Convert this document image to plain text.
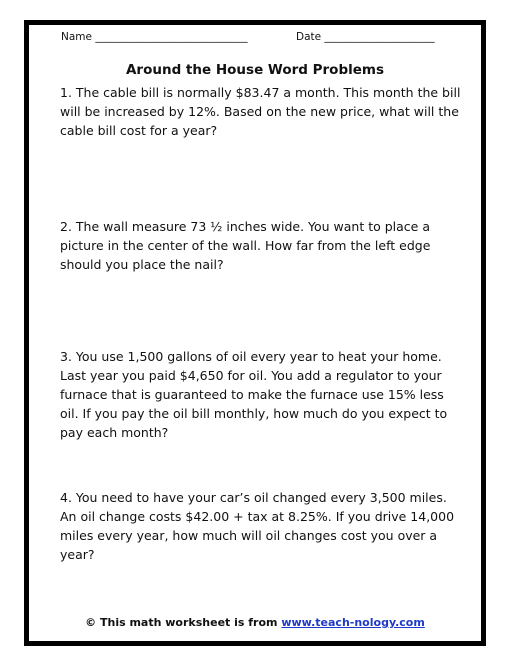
Name _____________________________	Date _____________________
Around the House Word Problems
1. The cable bill is normally $83.47 a month. This month the bill will be increased by 12%. Based on the new price, what will the cable bill cost for a year?
2. The wall measure 73 ½ inches wide. You want to place a picture in the center of the wall. How far from the left edge should you place the nail?
3. You use 1,500 gallons of oil every year to heat your home. Last year you paid $4,650 for oil. You add a regulator to your furnace that is guaranteed to make the furnace use 15% less oil. If you pay the oil bill monthly, how much do you expect to pay each month?
4. You need to have your car’s oil changed every 3,500 miles. An oil change costs $42.00 + tax at 8.25%. If you drive 14,000 miles every year, how much will oil changes cost you over a year?
© This math worksheet is from www.teach-nology.com
